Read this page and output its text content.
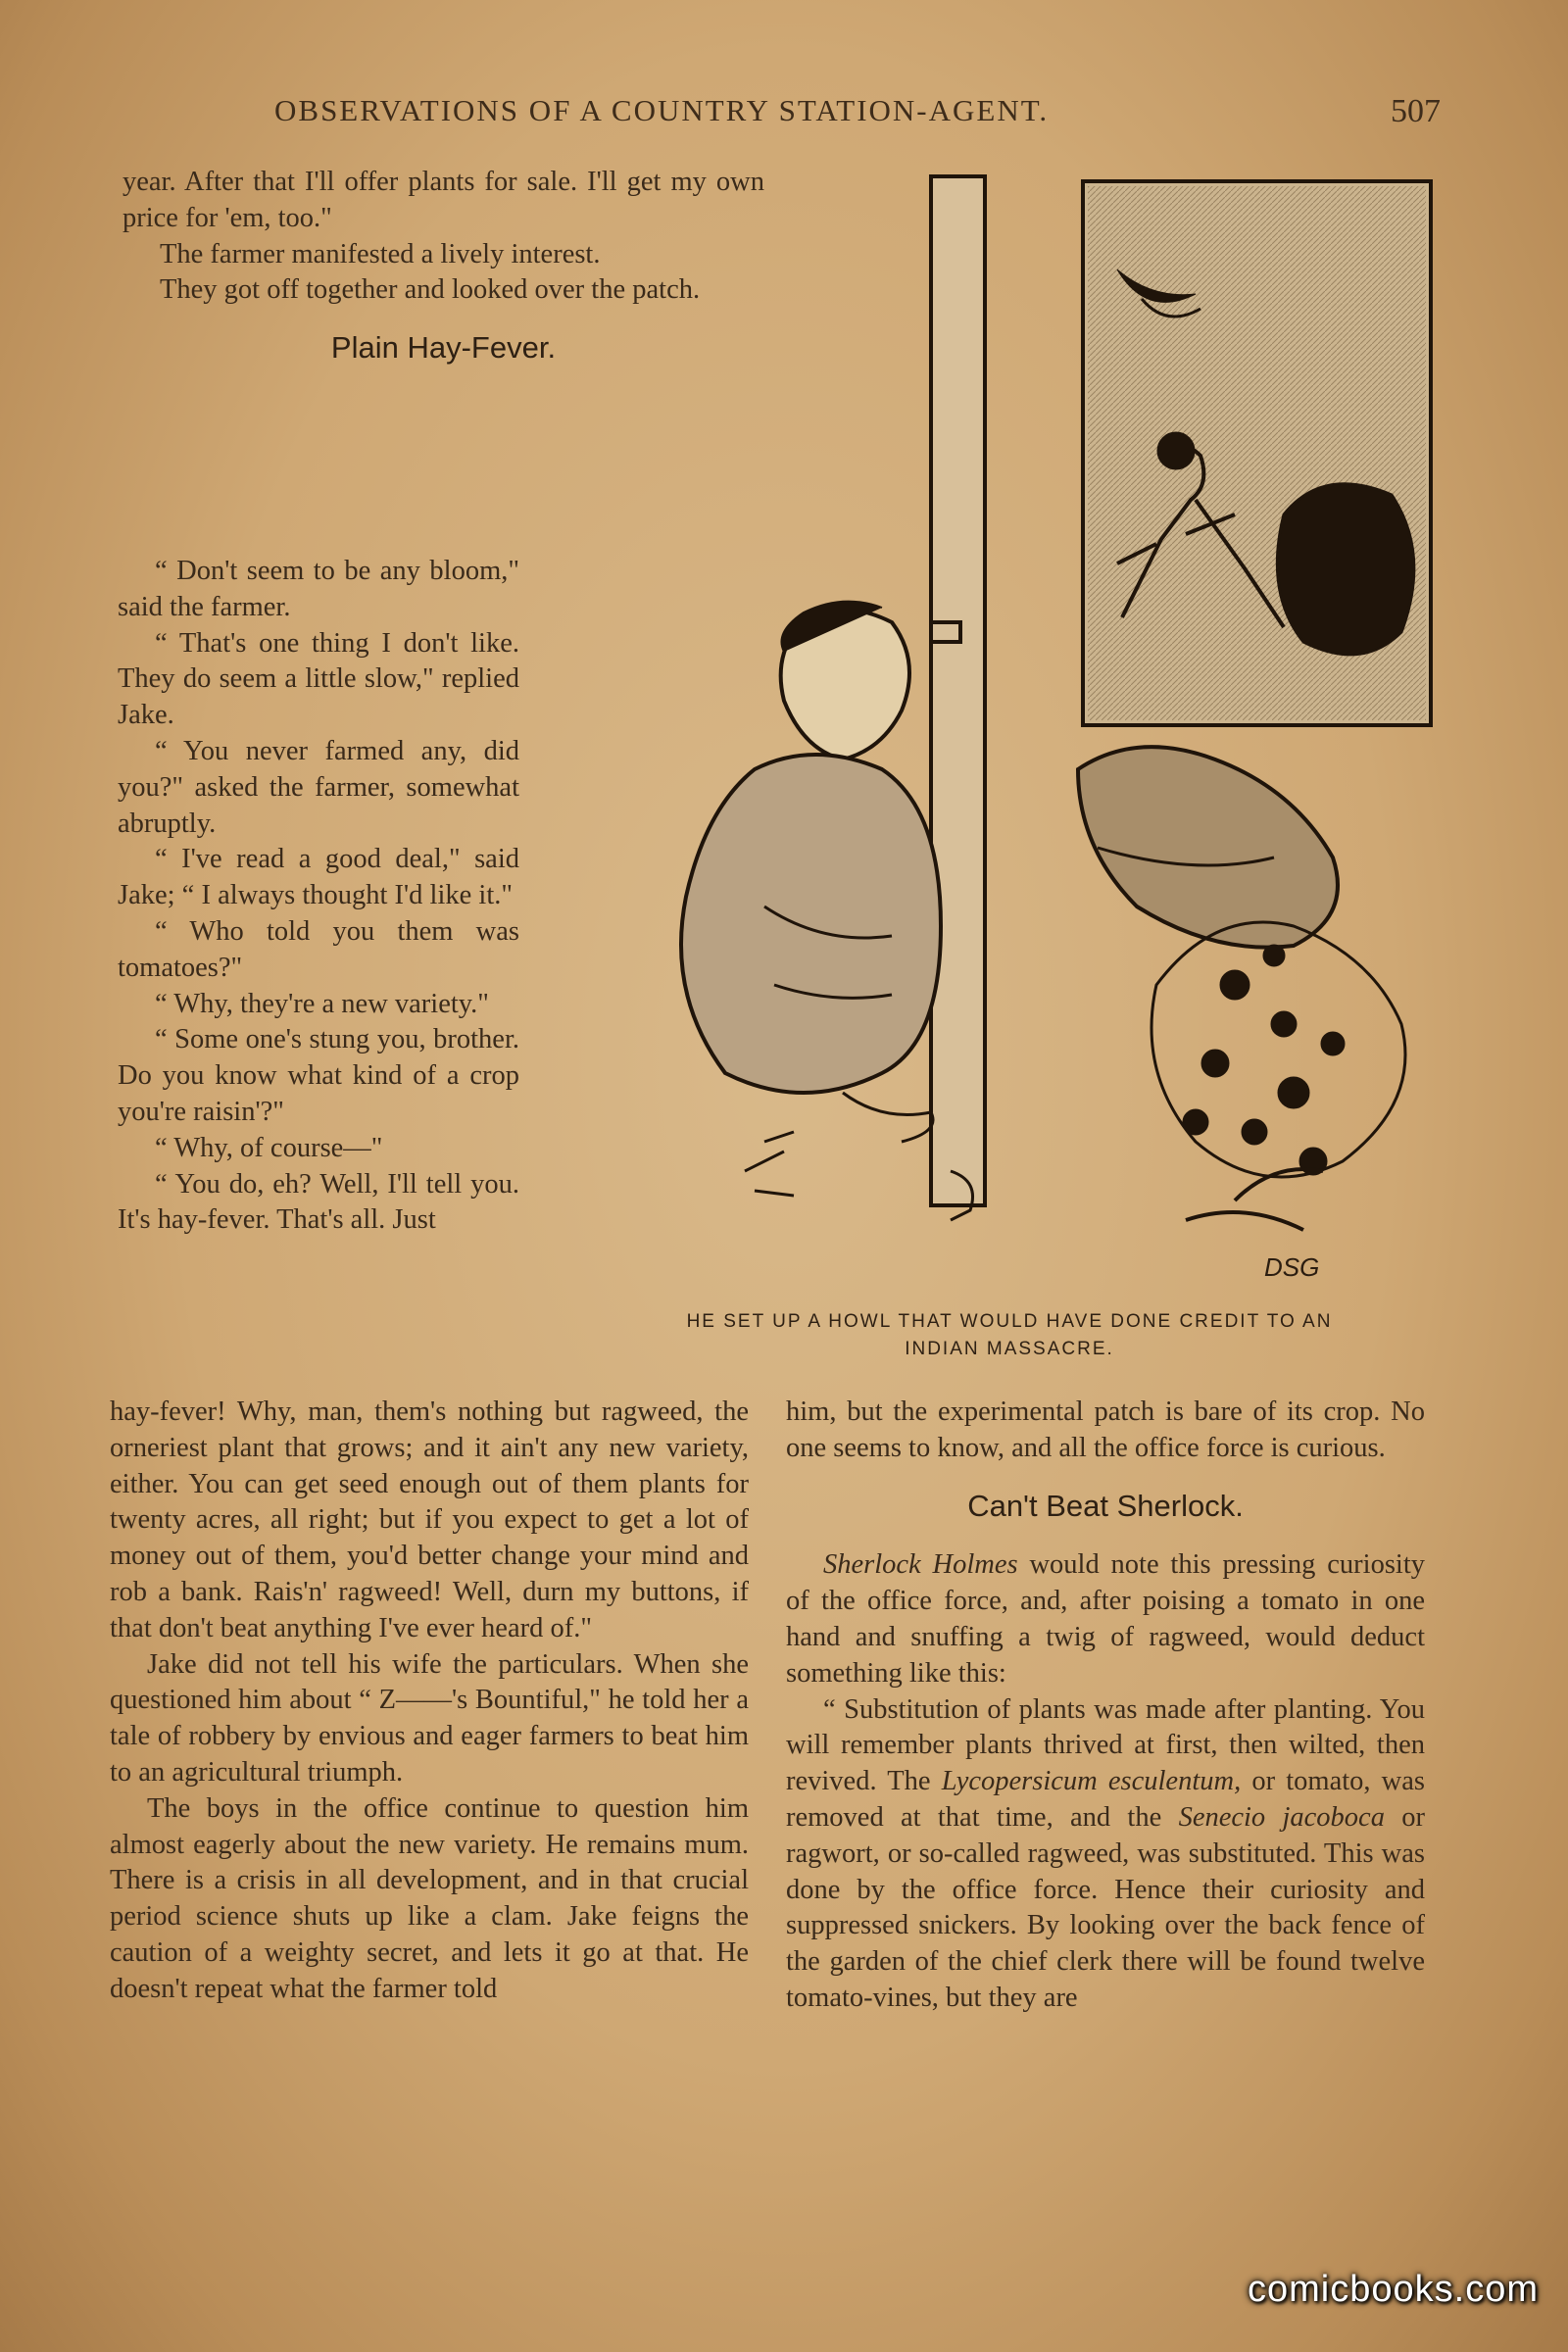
OBSERVATIONS OF A COUNTRY STATION-AGENT.	507

year. After that I'll offer plants for sale. I'll get my own price for 'em, too."

The farmer manifested a lively interest.

They got off together and looked over the patch.

Plain Hay-Fever.

“ Don't seem to be any bloom," said the farmer.

“ That's one thing I don't like. They do seem a little slow," replied Jake.

“ You never farmed any, did you?" asked the farmer, somewhat abruptly.

“ I've read a good deal," said Jake; “ I always thought I'd like it."

“ Who told you them was tomatoes?"

“ Why, they're a new variety."

“ Some one's stung you, brother. Do you know what kind of a crop you're raisin'?"

“ Why, of course—"

“ You do, eh? Well, I'll tell you. It's hay-fever. That's all. Just

DSG
HE SET UP A HOWL THAT WOULD HAVE DONE CREDIT TO AN
INDIAN MASSACRE.

hay-fever! Why, man, them's nothing but ragweed, the orneriest plant that grows; and it ain't any new variety, either. You can get seed enough out of them plants for twenty acres, all right; but if you expect to get a lot of money out of them, you'd better change your mind and rob a bank. Rais'n' ragweed! Well, durn my buttons, if that don't beat anything I've ever heard of."

Jake did not tell his wife the particulars. When she questioned him about “ Z——'s Bountiful," he told her a tale of robbery by envious and eager farmers to beat him to an agricultural triumph.

The boys in the office continue to question him almost eagerly about the new variety. He remains mum. There is a crisis in all development, and in that crucial period science shuts up like a clam. Jake feigns the caution of a weighty secret, and lets it go at that. He doesn't repeat what the farmer told

him, but the experimental patch is bare of its crop. No one seems to know, and all the office force is curious.

Can't Beat Sherlock.

Sherlock Holmes would note this pressing curiosity of the office force, and, after poising a tomato in one hand and snuffing a twig of ragweed, would deduct something like this:

“ Substitution of plants was made after planting. You will remember plants thrived at first, then wilted, then revived. The Lycopersicum esculentum, or tomato, was removed at that time, and the Senecio jacoboca or ragwort, or so-called ragweed, was substituted. This was done by the office force. Hence their curiosity and suppressed snickers. By looking over the back fence of the garden of the chief clerk there will be found twelve tomato-vines, but they are

comicbooks.com
